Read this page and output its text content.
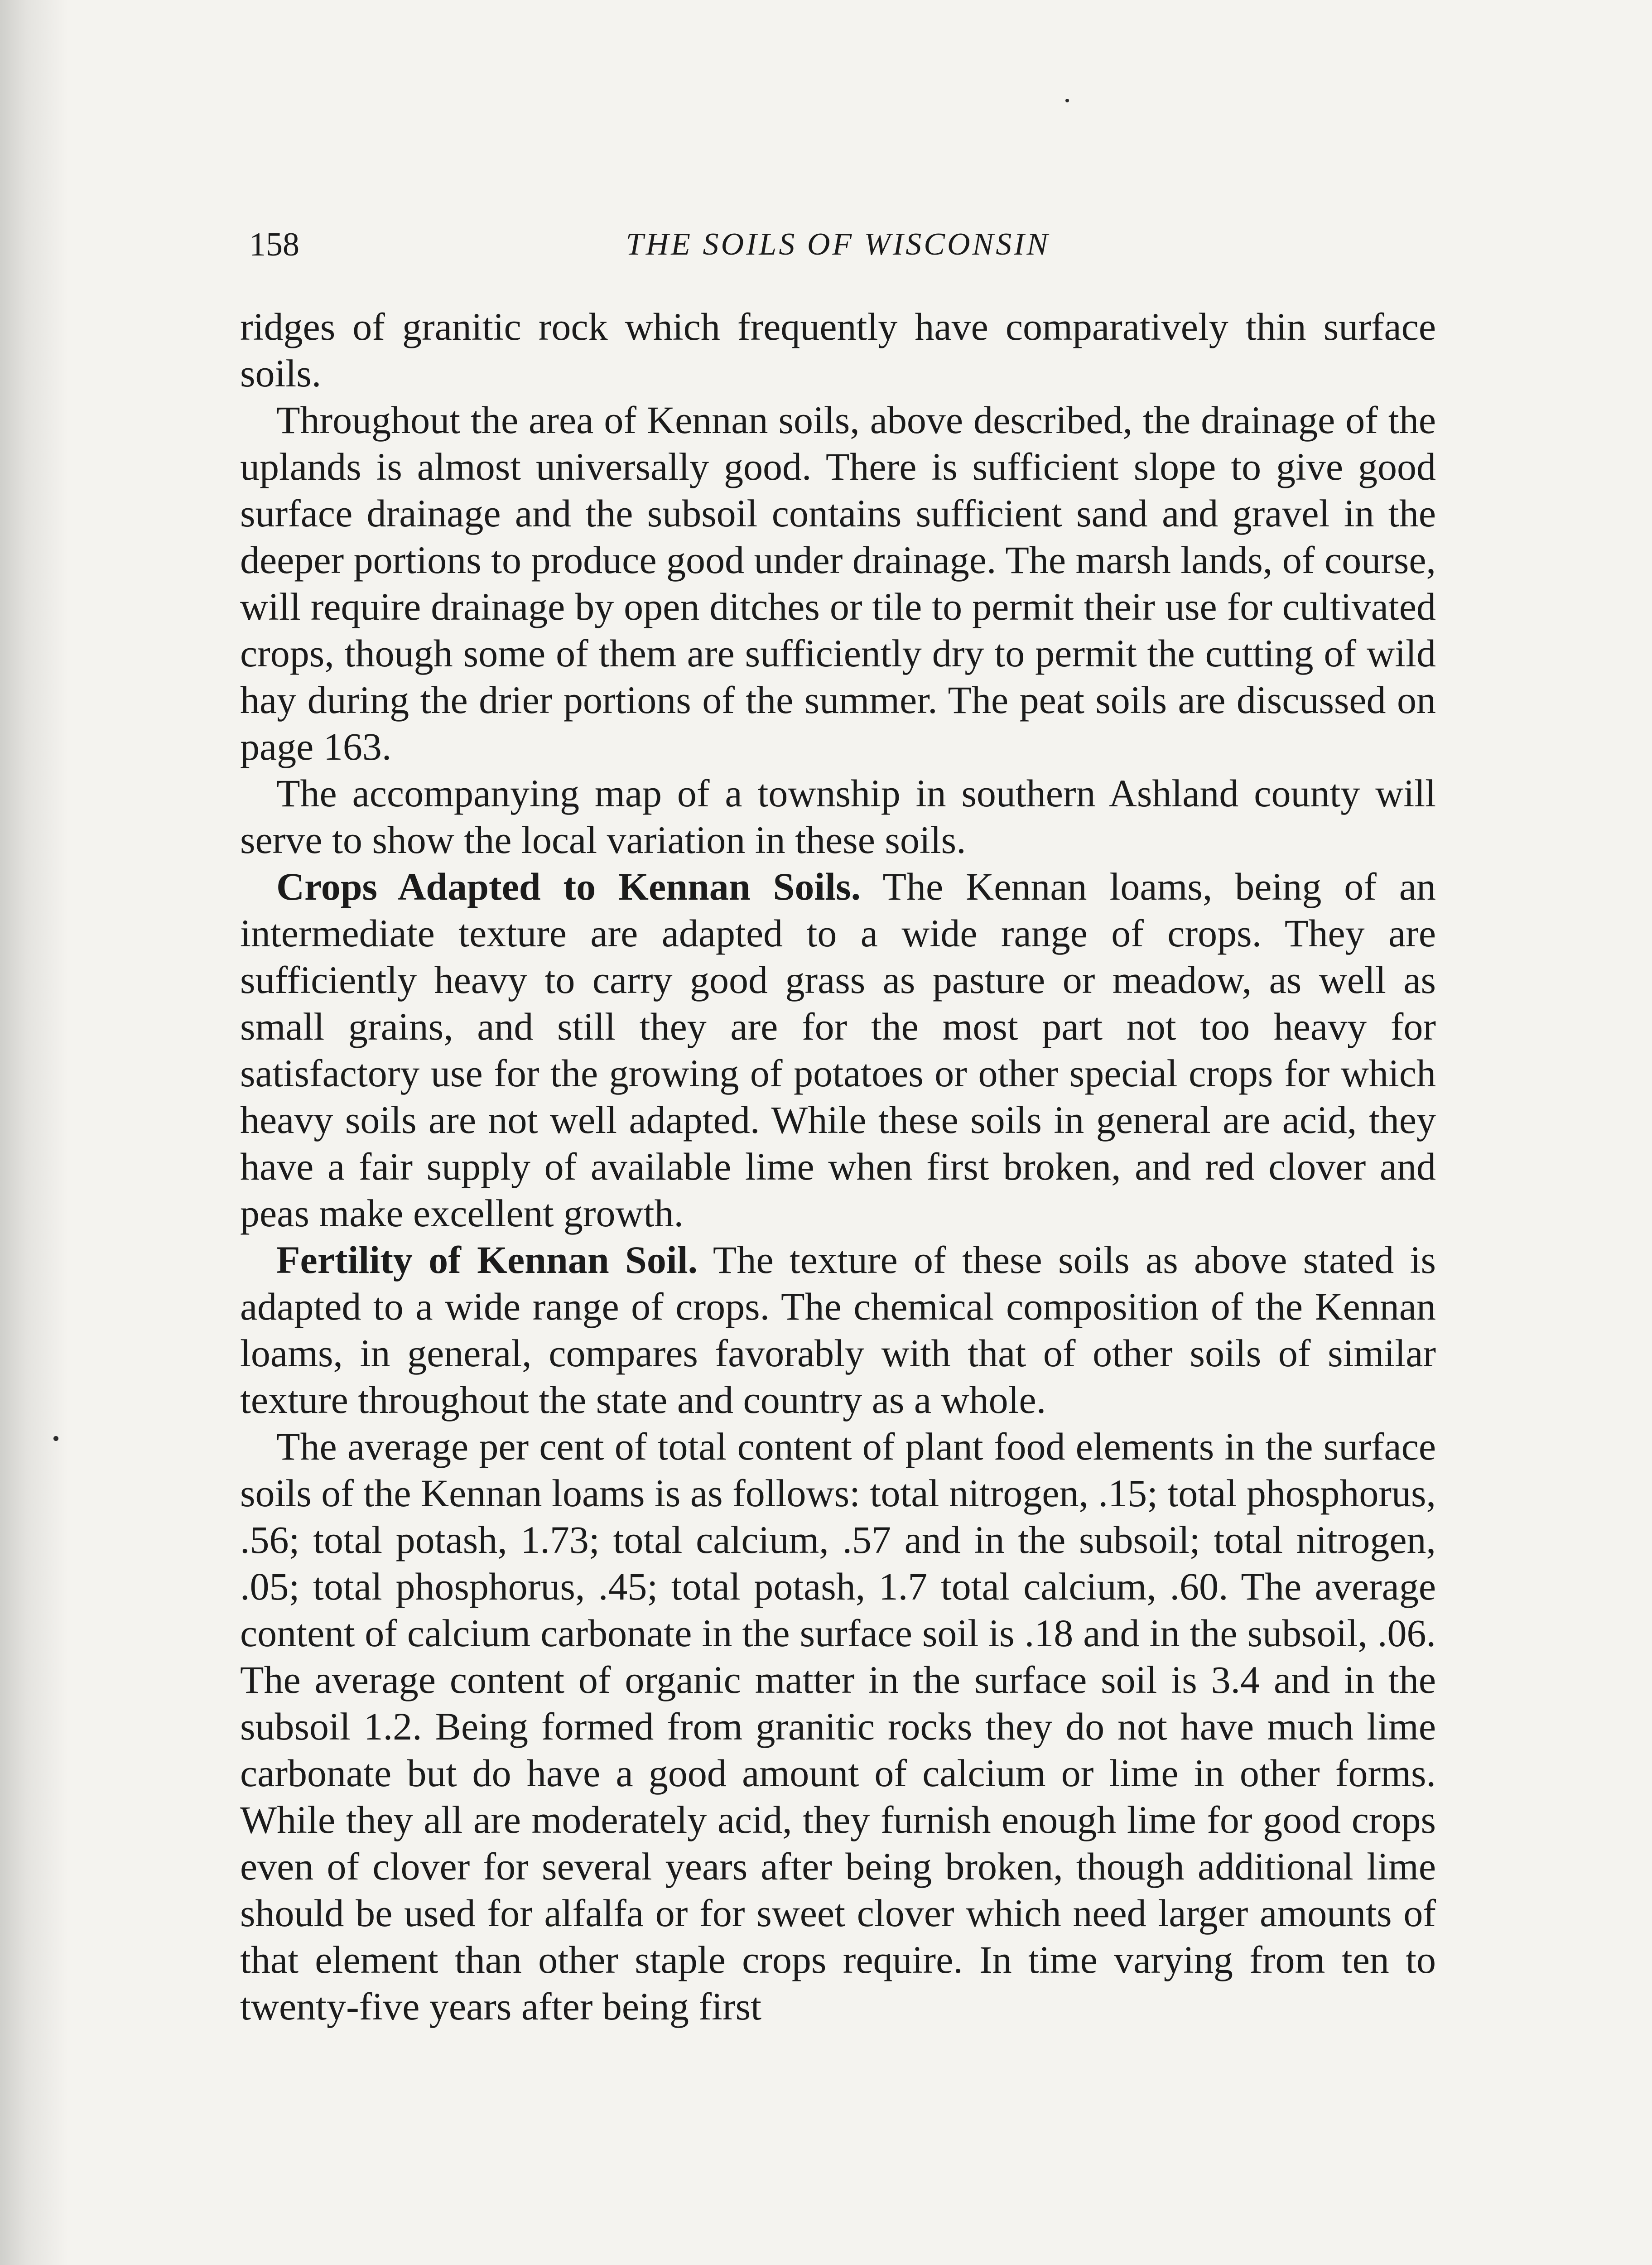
158	THE SOILS OF WISCONSIN

ridges of granitic rock which frequently have comparatively thin surface soils.

Throughout the area of Kennan soils, above described, the drainage of the uplands is almost universally good. There is sufficient slope to give good surface drainage and the subsoil contains sufficient sand and gravel in the deeper portions to produce good under drainage. The marsh lands, of course, will require drainage by open ditches or tile to permit their use for cultivated crops, though some of them are sufficiently dry to permit the cutting of wild hay during the drier portions of the summer. The peat soils are discussed on page 163.

The accompanying map of a township in southern Ashland county will serve to show the local variation in these soils.

Crops Adapted to Kennan Soils. The Kennan loams, being of an intermediate texture are adapted to a wide range of crops. They are sufficiently heavy to carry good grass as pasture or meadow, as well as small grains, and still they are for the most part not too heavy for satisfactory use for the growing of potatoes or other special crops for which heavy soils are not well adapted. While these soils in general are acid, they have a fair supply of available lime when first broken, and red clover and peas make excellent growth.

Fertility of Kennan Soil. The texture of these soils as above stated is adapted to a wide range of crops. The chemical composition of the Kennan loams, in general, compares favorably with that of other soils of similar texture throughout the state and country as a whole.

The average per cent of total content of plant food elements in the surface soils of the Kennan loams is as follows: total nitrogen, .15; total phosphorus, .56; total potash, 1.73; total calcium, .57 and in the subsoil; total nitrogen, .05; total phosphorus, .45; total potash, 1.7 total calcium, .60. The average content of calcium carbonate in the surface soil is .18 and in the subsoil, .06. The average content of organic matter in the surface soil is 3.4 and in the subsoil 1.2. Being formed from granitic rocks they do not have much lime carbonate but do have a good amount of calcium or lime in other forms. While they all are moderately acid, they furnish enough lime for good crops even of clover for several years after being broken, though additional lime should be used for alfalfa or for sweet clover which need larger amounts of that element than other staple crops require. In time varying from ten to twenty-five years after being first
